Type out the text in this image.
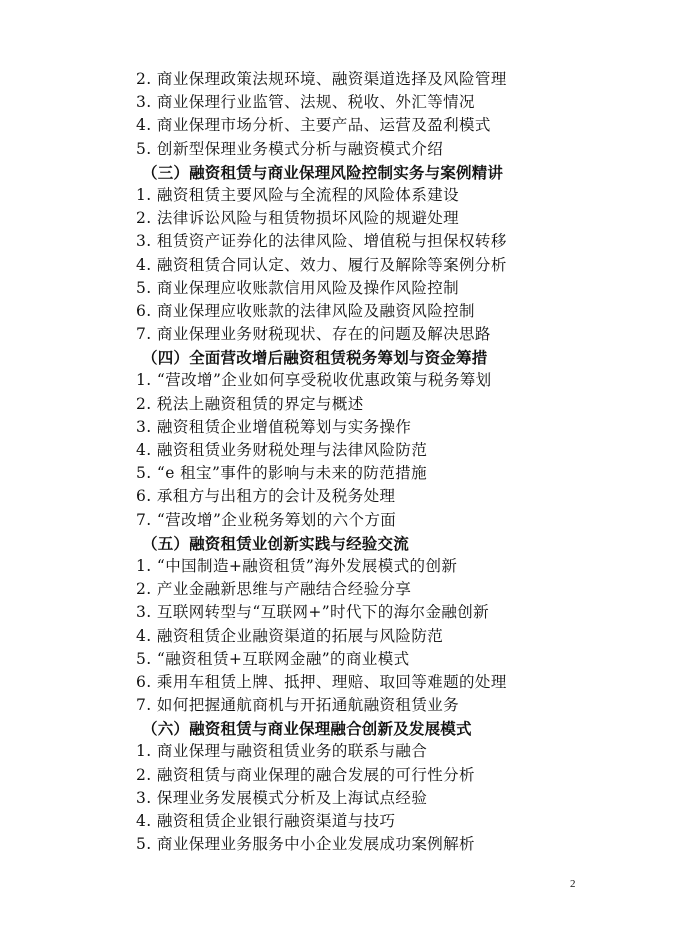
2. 商业保理政策法规环境、融资渠道选择及风险管理
3. 商业保理行业监管、法规、税收、外汇等情况
4. 商业保理市场分析、主要产品、运营及盈利模式
5. 创新型保理业务模式分析与融资模式介绍
（三）融资租赁与商业保理风险控制实务与案例精讲
1. 融资租赁主要风险与全流程的风险体系建设
2. 法律诉讼风险与租赁物损坏风险的规避处理
3. 租赁资产证券化的法律风险、增值税与担保权转移
4. 融资租赁合同认定、效力、履行及解除等案例分析
5. 商业保理应收账款信用风险及操作风险控制
6. 商业保理应收账款的法律风险及融资风险控制
7. 商业保理业务财税现状、存在的问题及解决思路
（四）全面营改增后融资租赁税务筹划与资金筹措
1. “营改增”企业如何享受税收优惠政策与税务筹划
2. 税法上融资租赁的界定与概述
3. 融资租赁企业增值税筹划与实务操作
4. 融资租赁业务财税处理与法律风险防范
5. “e 租宝”事件的影响与未来的防范措施
6. 承租方与出租方的会计及税务处理
7. “营改增”企业税务筹划的六个方面
（五）融资租赁业创新实践与经验交流
1. “中国制造+融资租赁”海外发展模式的创新
2. 产业金融新思维与产融结合经验分享
3. 互联网转型与“互联网+”时代下的海尔金融创新
4. 融资租赁企业融资渠道的拓展与风险防范
5. “融资租赁+互联网金融”的商业模式
6. 乘用车租赁上牌、抵押、理赔、取回等难题的处理
7. 如何把握通航商机与开拓通航融资租赁业务
（六）融资租赁与商业保理融合创新及发展模式
1. 商业保理与融资租赁业务的联系与融合
2. 融资租赁与商业保理的融合发展的可行性分析
3. 保理业务发展模式分析及上海试点经验
4. 融资租赁企业银行融资渠道与技巧
5. 商业保理业务服务中小企业发展成功案例解析
2
